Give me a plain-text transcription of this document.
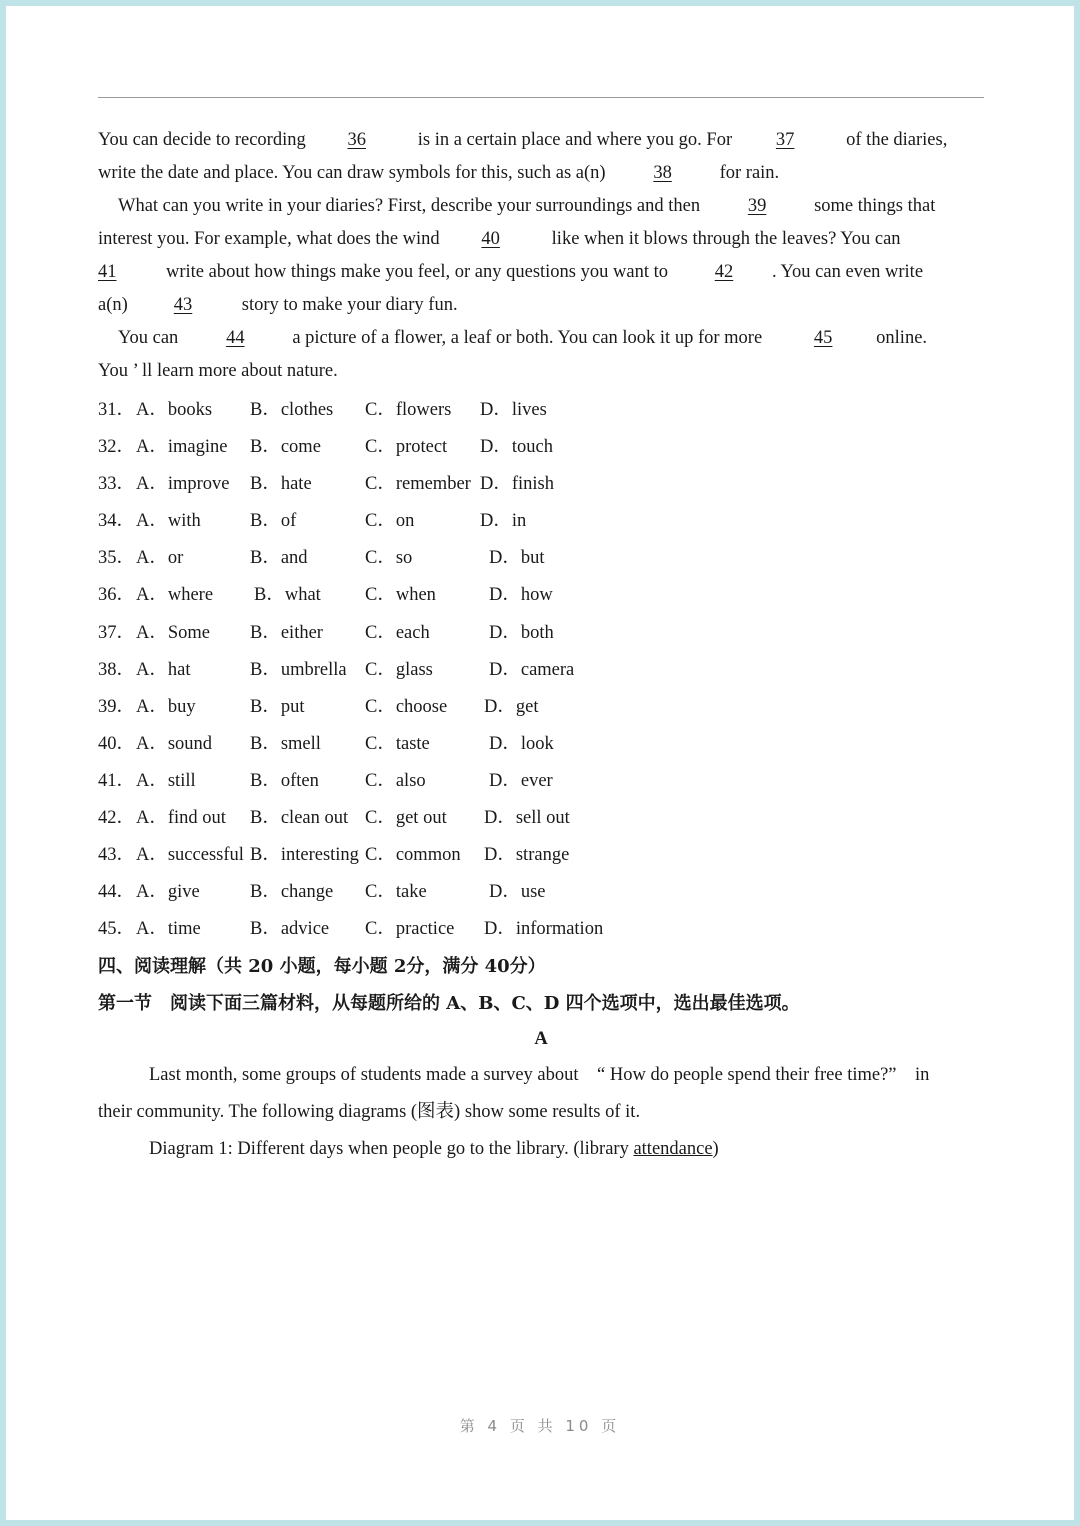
You can decide to recording 36	is in a certain place and where you go. For 37	of the diaries,
write the date and place. You can draw symbols for this, such as a(n)	38	for rain.
What can you write in your diaries? First, describe your surroundings and then	39	some things that
interest you. For example, what does the wind 40	like when it blows through the leaves? You can
41	write about how things make you feel, or any questions you want to	42 . You can even write
a(n) 43	story to make your diary fun.
You can	44	a picture of a flower, a leaf or both. You can look it up for more	45 online.
You ’ ll learn more about nature.
31． A．books B．clothes C．flowers D．lives
32． A．imagine B．come C．protect D．touch
33． A．improve B．hate	C．remember D．finish
34． A．with	B．of	C．on	D．in
35． A．or	B．and	C．so	D．but
36． A．where B．what C．when	D．how
37． A．Some B．either C．each	D．both
38． A．hat	B．umbrella C．glass	D．camera
39． A．buy	B．put	C．choose D．get
40． A．sound B．smell C．taste	D．look
41． A．still	B．often C．also	D．ever
42． A．find out B．clean out C．get out D．sell out
43． A．successful B．interesting C．common D．strange
44． A．give	B．change C．take	D．use
45． A．time	B．advice C．practice D．information
四、阅读理解（共 20 小题，每小题 2分，满分 40分）
第一节　阅读下面三篇材料，从每题所给的 A、B、C、D 四个选项中，选出最佳选项。
A
Last month, some groups of students made a survey about　“ How do people spend their free time?”　in
their community. The following diagrams (图表) show some results of it.
Diagram 1: Different days when people go to the library. (library attendance)
第 4 页 共 10 页
